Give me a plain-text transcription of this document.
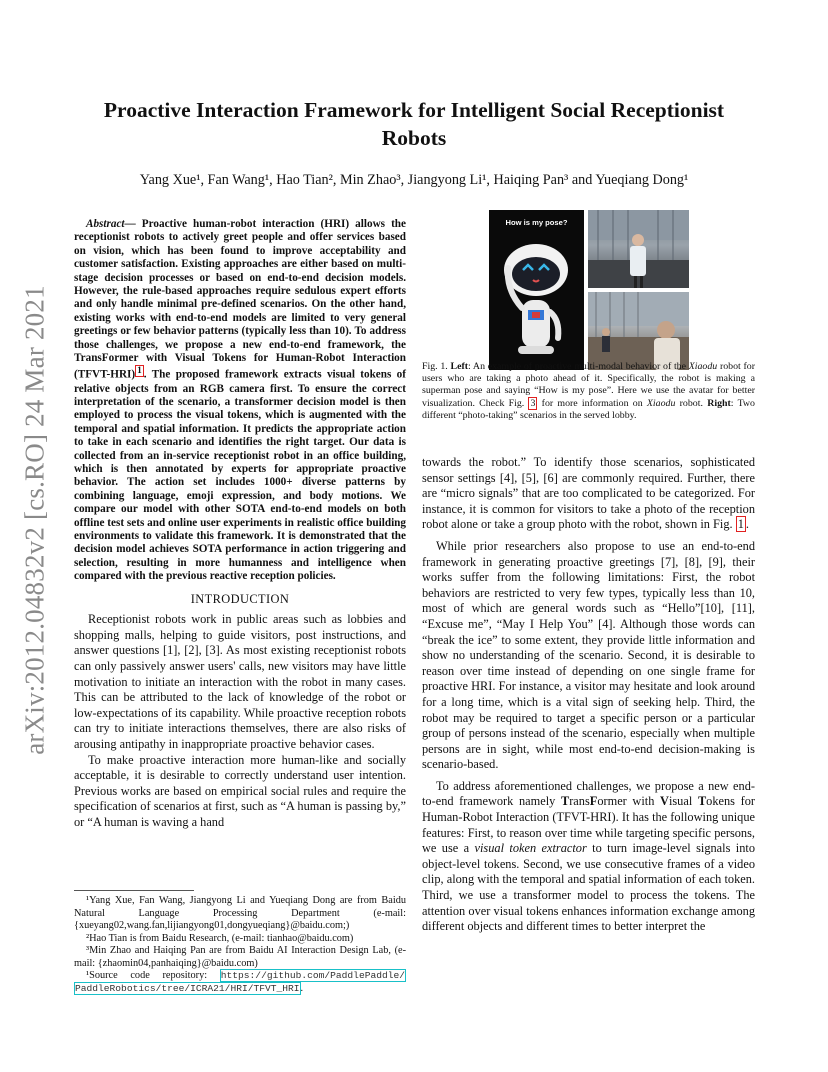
arXiv:2012.04832v2 [cs.RO] 24 Mar 2021
Proactive Interaction Framework for Intelligent Social Receptionist Robots
Yang Xue¹, Fan Wang¹, Hao Tian², Min Zhao³, Jiangyong Li¹, Haiqing Pan³ and Yueqiang Dong¹

Abstract— Proactive human-robot interaction (HRI) allows the receptionist robots to actively greet people and offer services based on vision, which has been found to improve acceptability and customer satisfaction. Existing approaches are either based on multi-stage decision processes or based on end-to-end decision models. However, the rule-based approaches require sedulous expert efforts and only handle minimal pre-defined scenarios. On the other hand, existing works with end-to-end models are limited to very general greetings or few behavior patterns (typically less than 10). To address those challenges, we propose a new end-to-end framework, the TransFormer with Visual Tokens for Human-Robot Interaction (TFVT-HRI) $^1$ . The proposed framework extracts visual tokens of relative objects from an RGB camera first. To ensure the correct interpretation of the scenario, a transformer decision model is then employed to process the visual tokens, which is augmented with the temporal and spatial information. It predicts the appropriate action to take in each scenario and identifies the right target. Our data is collected from an in-service receptionist robot in an office building, which is then annotated by experts for appropriate proactive behavior. The action set includes 1000+ diverse patterns by combining language, emoji expression, and body motions. We compare our model with other SOTA end-to-end models on both offline test sets and online user experiments in realistic office building environments to validate this framework. It is demonstrated that the decision model achieves SOTA performance in action triggering and selection, resulting in more humanness and intelligence when compared with the previous reactive reception policies.

INTRODUCTION

Receptionist robots work in public areas such as lobbies and shopping malls, helping to guide visitors, post instructions, and answer questions [1], [2], [3]. As most existing receptionist robots can only passively answer users' calls, new visitors may have little motivation to initiate an interaction with the robot in many cases. This can be attributed to the lack of knowledge of the robot or low-expectations of its capability. While proactive reception robots can try to initiate interactions themselves, there are also risks of arousing antipathy in inappropriate proactive behavior cases.

To make proactive interaction more human-like and socially acceptable, it is desirable to correctly understand user intention. Previous works are based on empirical social rules and require the specification of scenarios at first, such as “A human is passing by,” or “A human is waving a hand

¹Yang Xue, Fan Wang, Jiangyong Li and Yueqiang Dong are from Baidu Natural Language Processing Department (e-mail: {xueyang02,wang.fan,lijiangyong01,dongyueqiang}@baidu.com;)

²Hao Tian is from Baidu Research, (e-mail: tianhao@baidu.com)

³Min Zhao and Haiqing Pan are from Baidu AI Interaction Design Lab, (e-mail: {zhaomin04,panhaiqing}@baidu.com)

¹Source code repository: https://github.com/PaddlePaddle/ PaddleRobotics/tree/ICRA21/HRI/TFVT_HRI.

How is my pose?
Fig. 1. Left: An example of proactive multi-modal behavior of the Xiaodu robot for users who are taking a photo ahead of it. Specifically, the robot is making a superman pose and saying “How is my pose”. Here we use the avatar for better visualization. Check Fig. 3 for more information on Xiaodu robot. Right: Two different “photo-taking” scenarios in the served lobby.

towards the robot.” To identify those scenarios, sophisticated sensor settings [4], [5], [6] are commonly required. Further, there are “micro signals” that are too complicated to be categorized. For instance, it is common for visitors to take a photo of the reception robot alone or take a group photo with the robot, shown in Fig. 1 .

While prior researchers also propose to use an end-to-end framework in generating proactive greetings [7], [8], [9], their works suffer from the following limitations: First, the robot behaviors are restricted to very few types, typically less than 10, most of which are general words such as “Hello”[10], [11], “Excuse me”, “May I Help You” [4]. Although those words can “break the ice” to some extent, they provide little information and show no understanding of the scenario. Second, it is desirable to reason over time instead of depending on one single frame for proactive HRI. For instance, a visitor may hesitate and look around for a long time, which is a vital sign of seeking help. Third, the robot may be required to target a specific person or a particular group of persons instead of the scenario, especially when multiple persons are in sight, while most end-to-end decision-making is scenario-based.

To address aforementioned challenges, we propose a new end-to-end framework namely TransFormer with Visual Tokens for Human-Robot Interaction (TFVT-HRI). It has the following unique features: First, to reason over time while targeting specific persons, we use a visual token extractor to turn image-level signals into object-level tokens. Second, we use consecutive frames of a video clip, along with the temporal and spatial information of each token. Third, we use a transformer model to process the tokens. The attention over visual tokens enhances information exchange among different objects and different times to better interpret the
